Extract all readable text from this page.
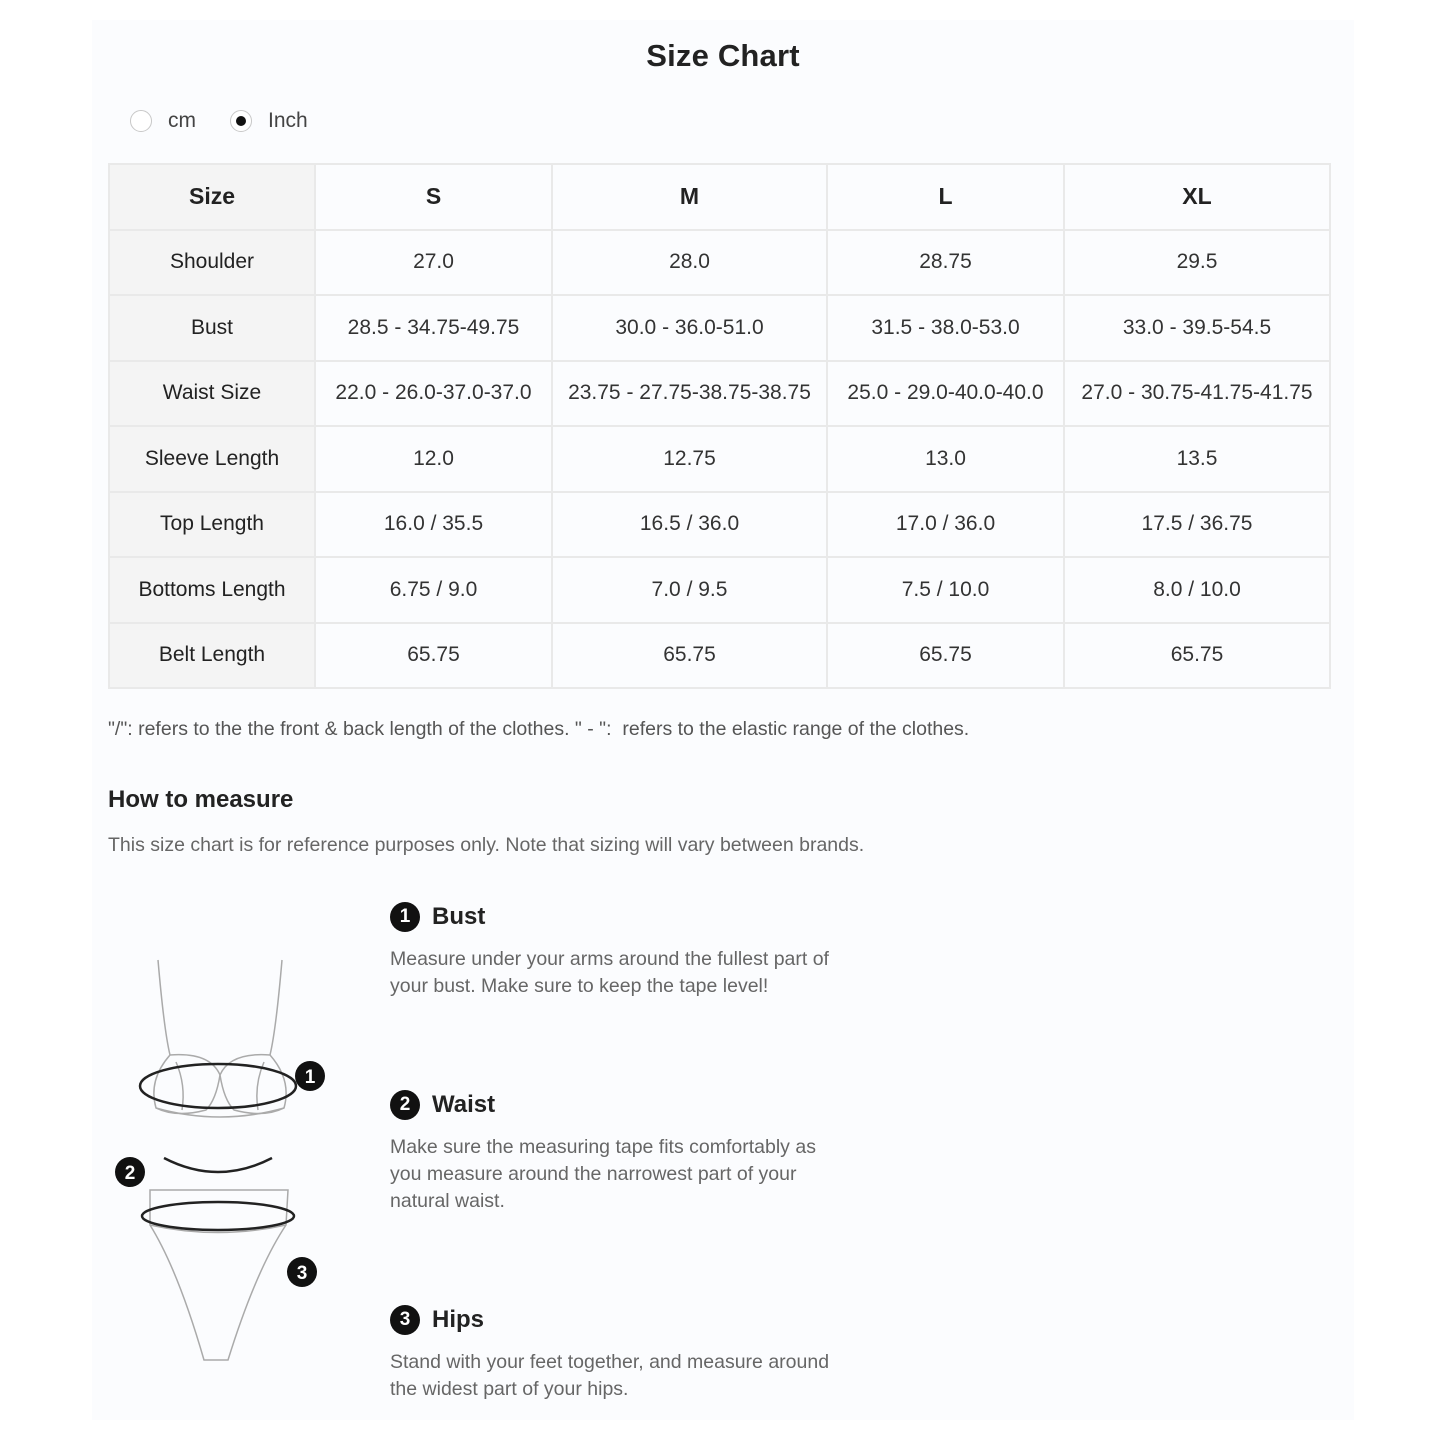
Size Chart
cm	Inch
Size	S	M	L	XL
Shoulder	27.0	28.0	28.75	29.5
Bust	28.5 - 34.75-49.75	30.0 - 36.0-51.0	31.5 - 38.0-53.0	33.0 - 39.5-54.5
Waist Size	22.0 - 26.0-37.0-37.0	23.75 - 27.75-38.75-38.75	25.0 - 29.0-40.0-40.0	27.0 - 30.75-41.75-41.75
Sleeve Length	12.0	12.75	13.0	13.5
Top Length	16.0 / 35.5	16.5 / 36.0	17.0 / 36.0	17.5 / 36.75
Bottoms Length	6.75 / 9.0	7.0 / 9.5	7.5 / 10.0	8.0 / 10.0
Belt Length	65.75	65.75	65.75	65.75
"/": refers to the the front & back length of the clothes. " - ":  refers to the elastic range of the clothes.
How to measure
This size chart is for reference purposes only. Note that sizing will vary between brands.
1
2
3
1 Bust
Measure under your arms around the fullest part of your bust. Make sure to keep the tape level!
2 Waist
Make sure the measuring tape fits comfortably as you measure around the narrowest part of your natural waist.
3 Hips
Stand with your feet together, and measure around the widest part of your hips.
